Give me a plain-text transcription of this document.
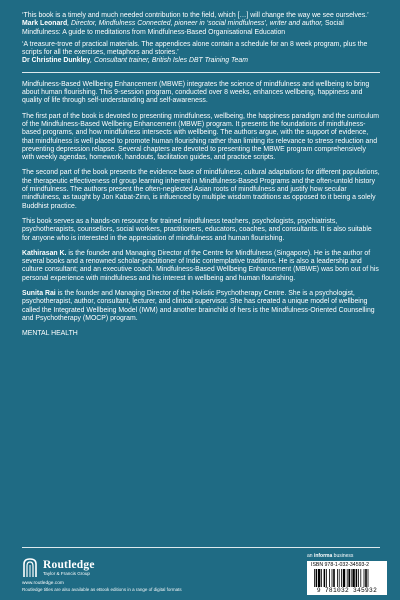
‘This book is a timely and much needed contribution to the field, which […] will change the way we see ourselves.’

Mark Leonard, Director, Mindfulness Connected, pioneer in ‘social mindfulness’, writer and author, Social Mindfulness: A guide to meditations from Mindfulness-Based Organisational Education

‘A treasure-trove of practical materials. The appendices alone contain a schedule for an 8 week program, plus the scripts for all the exercises, metaphors and stories.’

Dr Christine Dunkley, Consultant trainer, British Isles DBT Training Team

Mindfulness-Based Wellbeing Enhancement (MBWE) integrates the science of mindfulness and wellbeing to bring about human flourishing. This 9-session program, conducted over 8 weeks, enhances wellbeing, happiness and quality of life through self-understanding and self-awareness.

The first part of the book is devoted to presenting mindfulness, wellbeing, the happiness paradigm and the curriculum of the Mindfulness-Based Wellbeing Enhancement (MBWE) program. It presents the foundations of mindfulness-based programs, and how mindfulness intersects with wellbeing. The authors argue, with the support of evidence, that mindfulness is well placed to promote human flourishing rather than limiting its relevance to stress reduction and preventing depression relapse. Several chapters are devoted to presenting the MBWE program comprehensively with weekly agendas, homework, handouts, facilitation guides, and practice scripts.

The second part of the book presents the evidence base of mindfulness, cultural adaptations for different populations, the therapeutic effectiveness of group learning inherent in Mindfulness-Based Programs and the often-untold history of mindfulness. The authors present the often-neglected Asian roots of mindfulness and justify how secular mindfulness, as taught by Jon Kabat-Zinn, is influenced by multiple wisdom traditions as opposed to it being a solely Buddhist practice.

This book serves as a hands-on resource for trained mindfulness teachers, psychologists, psychiatrists, psychotherapists, counsellors, social workers, practitioners, educators, coaches, and consultants. It is also suitable for anyone who is interested in the appreciation of mindfulness and human flourishing.

Kathirasan K. is the founder and Managing Director of the Centre for Mindfulness (Singapore). He is the author of several books and a renowned scholar-practitioner of Indic contemplative traditions. He is also a leadership and culture consultant; and an executive coach. Mindfulness-Based Wellbeing Enhancement (MBWE) was born out of his personal experience with mindfulness and his interest in wellbeing and human flourishing.

Sunita Rai is the founder and Managing Director of the Holistic Psychotherapy Centre. She is a psychologist, psychotherapist, author, consultant, lecturer, and clinical supervisor. She has created a unique model of wellbeing called the Integrated Wellbeing Model (IWM) and another brainchild of hers is the Mindfulness-Oriented Counselling and Psychotherapy (MOCP) program.

MENTAL HEALTH

Routledge
Taylor & Francis Group
www.routledge.com
Routledge titles are also available as eBook editions in a range of digital formats
an informa business
ISBN 978-1-032-34593-2
9 781032 345932
